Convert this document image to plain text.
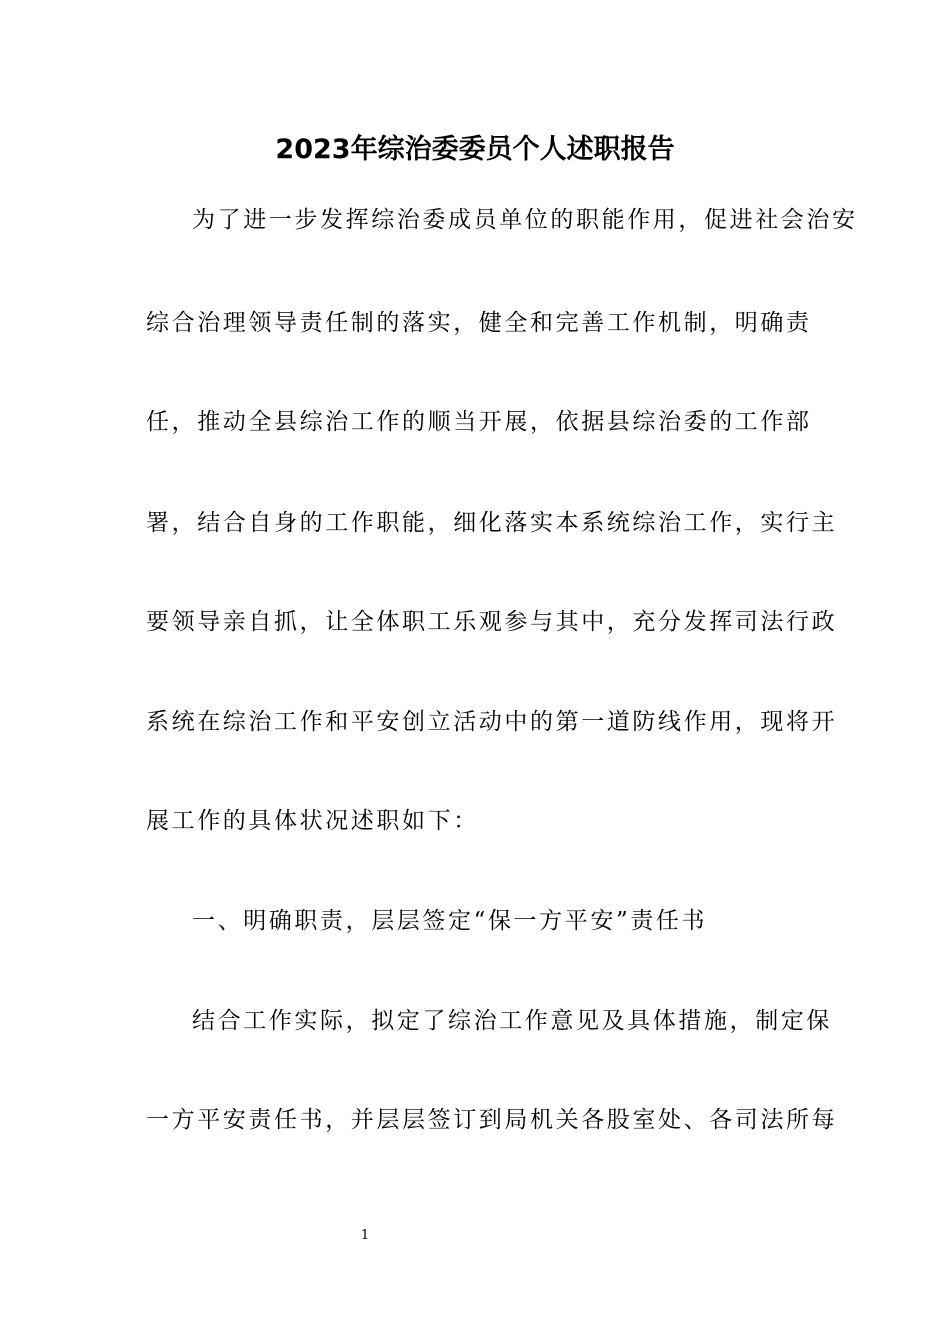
2023年综治委委员个人述职报告
为了进一步发挥综治委成员单位的职能作用，促进社会治安
综合治理领导责任制的落实，健全和完善工作机制，明确责
任，推动全县综治工作的顺当开展，依据县综治委的工作部
署，结合自身的工作职能，细化落实本系统综治工作，实行主
要领导亲自抓，让全体职工乐观参与其中，充分发挥司法行政
系统在综治工作和平安创立活动中的第一道防线作用，现将开
展工作的具体状况述职如下：
一、明确职责，层层签定“保一方平安”责任书
结合工作实际，拟定了综治工作意见及具体措施，制定保
一方平安责任书，并层层签订到局机关各股室处、各司法所每
1
